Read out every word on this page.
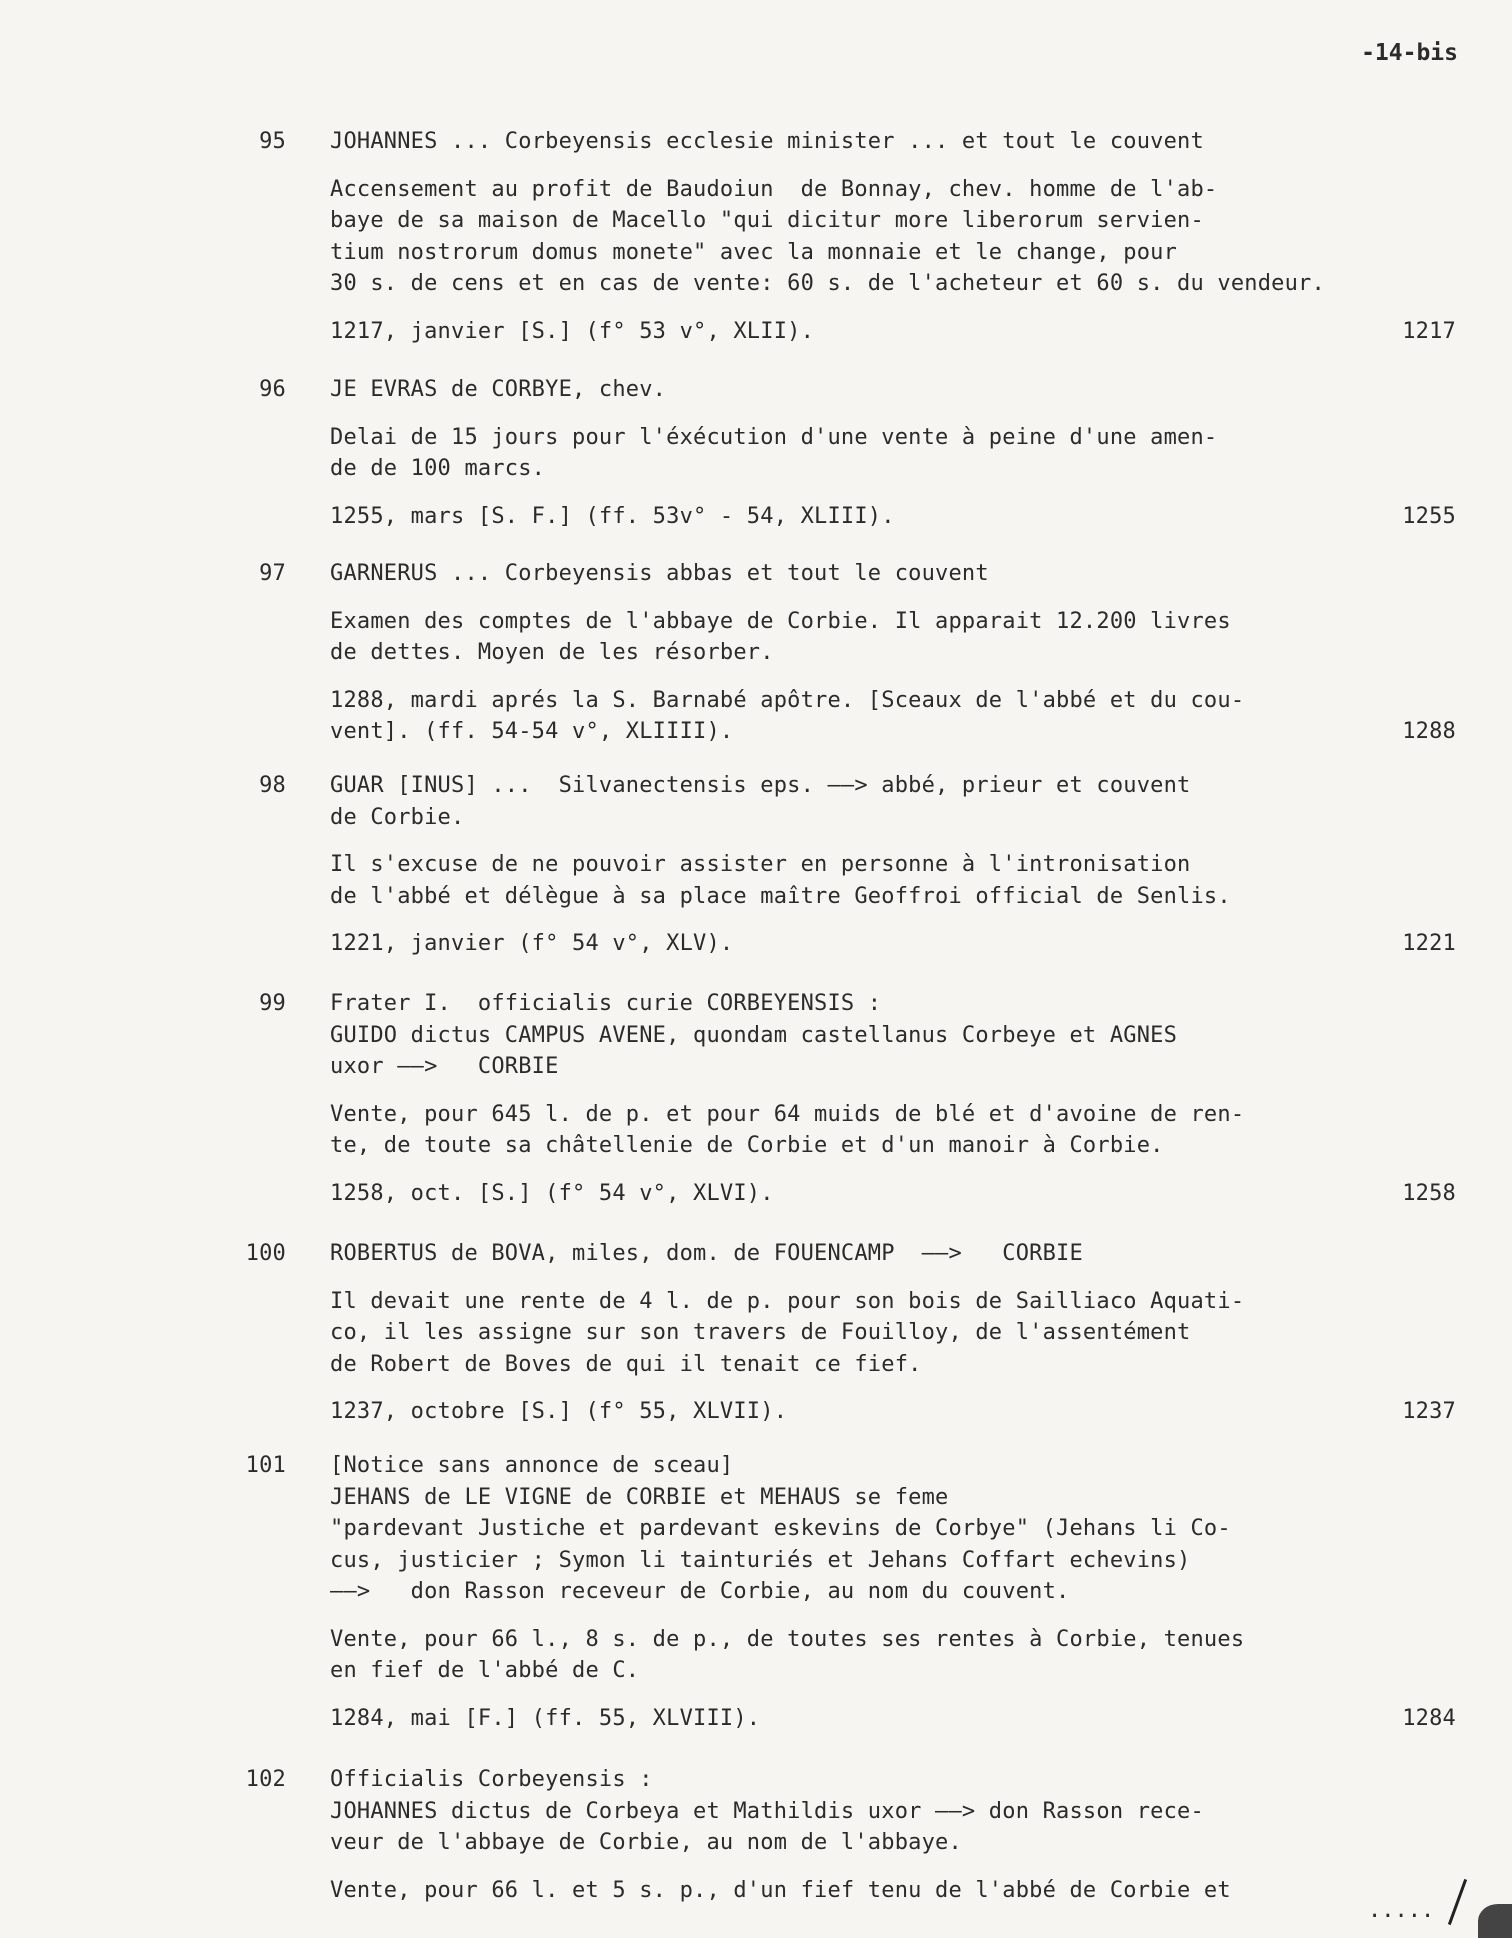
-14-bis
95 JOHANNES ... Corbeyensis ecclesie minister ... et tout le couvent
Accensement au profit de Baudoiun  de Bonnay, chev. homme de l'ab-
baye de sa maison de Macello "qui dicitur more liberorum servien-
tium nostrorum domus monete" avec la monnaie et le change, pour
30 s. de cens et en cas de vente: 60 s. de l'acheteur et 60 s. du vendeur.
1217, janvier [S.] (f° 53 v°, XLII).	1217
96 JE EVRAS de CORBYE, chev.
Delai de 15 jours pour l'éxécution d'une vente à peine d'une amen-
de de 100 marcs.
1255, mars [S. F.] (ff. 53v° - 54, XLIII).	1255
97 GARNERUS ... Corbeyensis abbas et tout le couvent
Examen des comptes de l'abbaye de Corbie. Il apparait 12.200 livres
de dettes. Moyen de les résorber.
1288, mardi aprés la S. Barnabé apôtre. [Sceaux de l'abbé et du cou-
vent]. (ff. 54-54 v°, XLIIII).	1288
98 GUAR [INUS] ...  Silvanectensis eps. ——> abbé, prieur et couvent
de Corbie.
Il s'excuse de ne pouvoir assister en personne à l'intronisation
de l'abbé et délègue à sa place maître Geoffroi official de Senlis.
1221, janvier (f° 54 v°, XLV).	1221
99 Frater I.  officialis curie CORBEYENSIS :
GUIDO dictus CAMPUS AVENE, quondam castellanus Corbeye et AGNES
uxor ——>   CORBIE
Vente, pour 645 l. de p. et pour 64 muids de blé et d'avoine de ren-
te, de toute sa châtellenie de Corbie et d'un manoir à Corbie.
1258, oct. [S.] (f° 54 v°, XLVI).	1258
100 ROBERTUS de BOVA, miles, dom. de FOUENCAMP  ——>   CORBIE
Il devait une rente de 4 l. de p. pour son bois de Sailliaco Aquati-
co, il les assigne sur son travers de Fouilloy, de l'assentément
de Robert de Boves de qui il tenait ce fief.
1237, octobre [S.] (f° 55, XLVII).	1237
101 [Notice sans annonce de sceau]
JEHANS de LE VIGNE de CORBIE et MEHAUS se feme
"pardevant Justiche et pardevant eskevins de Corbye" (Jehans li Co-
cus, justicier ; Symon li tainturiés et Jehans Coffart echevins)
——>   don Rasson receveur de Corbie, au nom du couvent.
Vente, pour 66 l., 8 s. de p., de toutes ses rentes à Corbie, tenues
en fief de l'abbé de C.
1284, mai [F.] (ff. 55, XLVIII).	1284
102 Officialis Corbeyensis :
JOHANNES dictus de Corbeya et Mathildis uxor ——> don Rasson rece-
veur de l'abbaye de Corbie, au nom de l'abbaye.
Vente, pour 66 l. et 5 s. p., d'un fief tenu de l'abbé de Corbie et
.....
